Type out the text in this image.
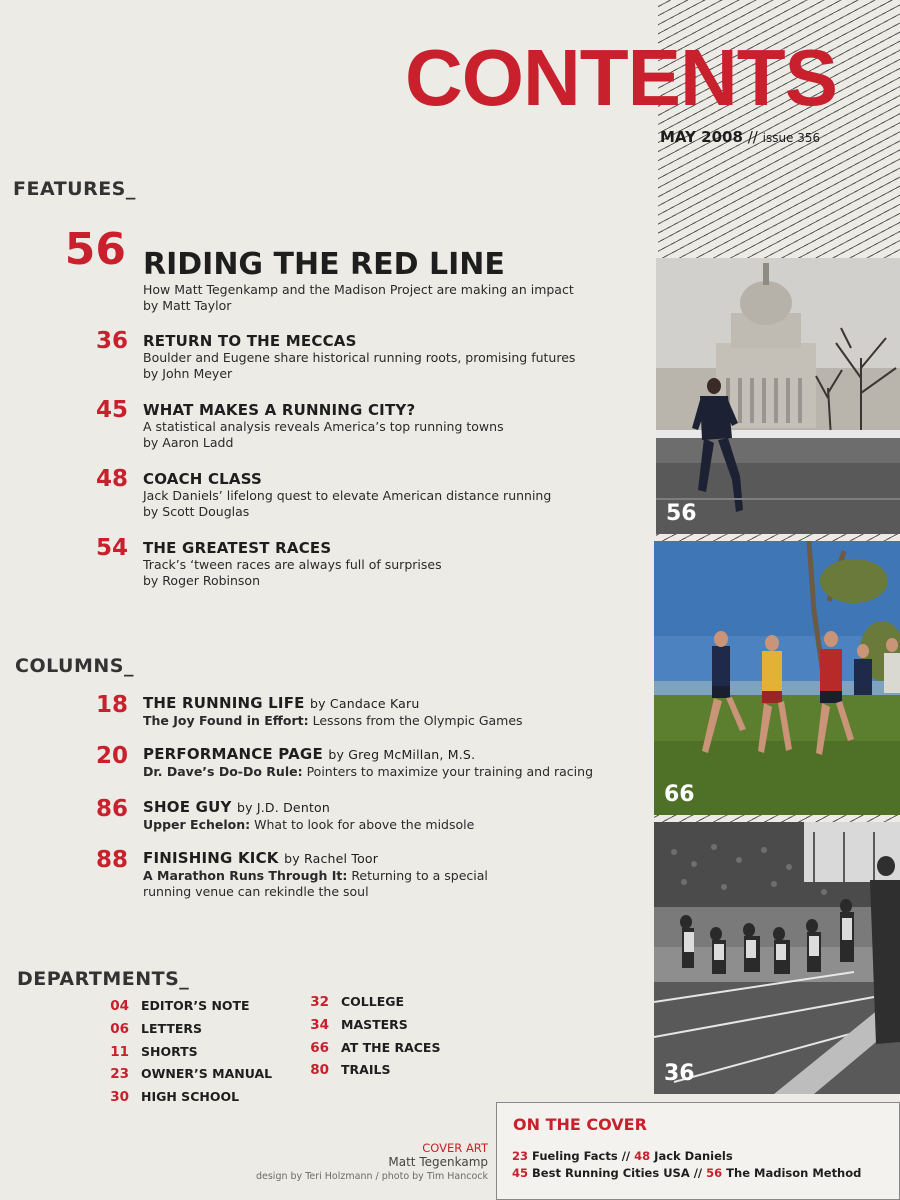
CONTENTS
MAY 2008 // issue 356
FEATURES_
56 RIDING THE RED LINE
How Matt Tegenkamp and the Madison Project are making an impact
by Matt Taylor
36 RETURN TO THE MECCAS
Boulder and Eugene share historical running roots, promising futures
by John Meyer
45 WHAT MAKES A RUNNING CITY?
A statistical analysis reveals America’s top running towns
by Aaron Ladd
48 COACH CLASS
Jack Daniels’ lifelong quest to elevate American distance running
by Scott Douglas
54 THE GREATEST RACES
Track’s ‘tween races are always full of surprises
by Roger Robinson
COLUMNS_
18 THE RUNNING LIFE by Candace Karu
The Joy Found in Effort: Lessons from the Olympic Games
20 PERFORMANCE PAGE by Greg McMillan, M.S.
Dr. Dave’s Do-Do Rule: Pointers to maximize your training and racing
86 SHOE GUY by J.D. Denton
Upper Echelon: What to look for above the midsole
88 FINISHING KICK by Rachel Toor
A Marathon Runs Through It: Returning to a special
running venue can rekindle the soul
DEPARTMENTS_
04 EDITOR’S NOTE
06 LETTERS
11 SHORTS
23 OWNER’S MANUAL
30 HIGH SCHOOL
32 COLLEGE
34 MASTERS
66 AT THE RACES
80 TRAILS
56
66
36
COVER ART
Matt Tegenkamp
design by Teri Holzmann / photo by Tim Hancock
ON THE COVER
23 Fueling Facts // 48 Jack Daniels
45 Best Running Cities USA // 56 The Madison Method
